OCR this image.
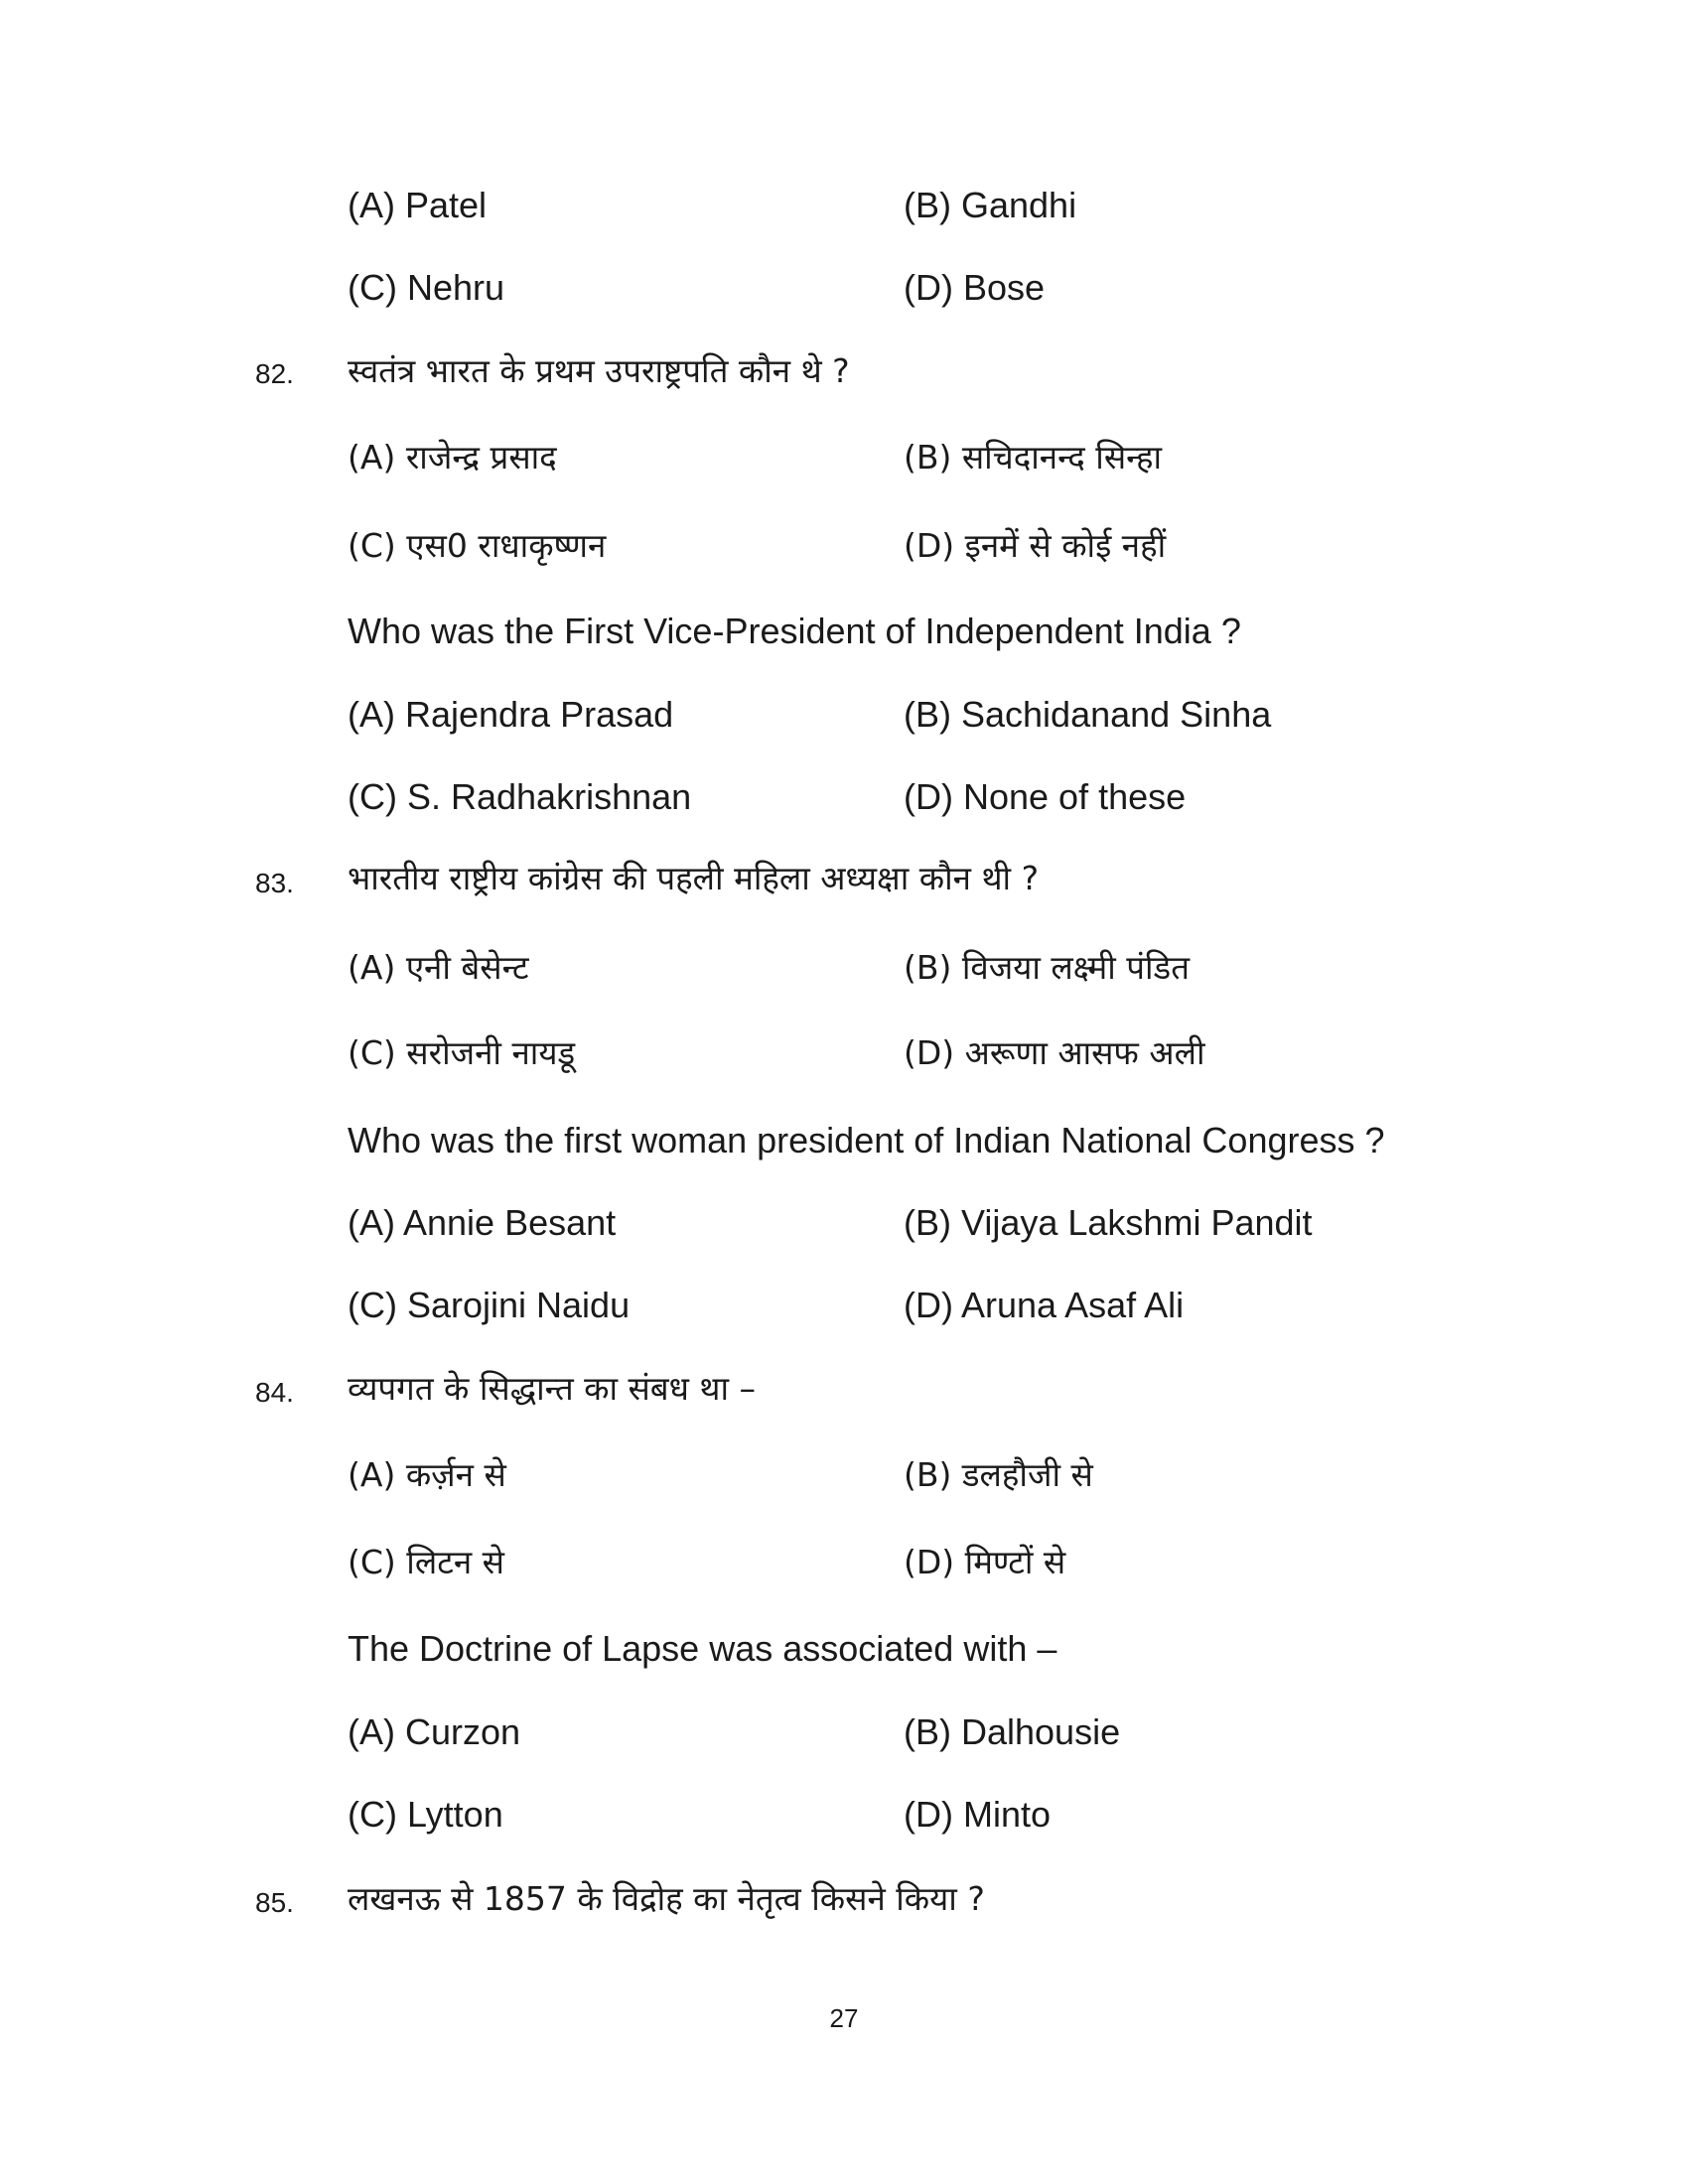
(A) Patel	(B) Gandhi
(C) Nehru	(D) Bose
82. स्वतंत्र भारत के प्रथम उपराष्ट्रपति कौन थे ?
(A) राजेन्द्र प्रसाद	(B) सचिदानन्द सिन्हा
(C) एस0 राधाकृष्णन	(D) इनमें से कोई नहीं
Who was the First Vice-President of Independent India ?
(A) Rajendra Prasad	(B) Sachidanand Sinha
(C) S. Radhakrishnan	(D) None of these
83. भारतीय राष्ट्रीय कांग्रेस की पहली महिला अध्यक्षा कौन थी ?
(A) एनी बेसेन्ट	(B) विजया लक्ष्मी पंडित
(C) सरोजनी नायडू	(D) अरूणा आसफ अली
Who was the first woman president of Indian National Congress ?
(A) Annie Besant	(B) Vijaya Lakshmi Pandit
(C) Sarojini Naidu	(D) Aruna Asaf Ali
84. व्यपगत के सिद्धान्त का संबध था –
(A) कर्ज़न से	(B) डलहौजी से
(C) लिटन से	(D) मिण्टों से
The Doctrine of Lapse was associated with –
(A) Curzon	(B) Dalhousie
(C) Lytton	(D) Minto
85. लखनऊ से 1857 के विद्रोह का नेतृत्व किसने किया ?
27
